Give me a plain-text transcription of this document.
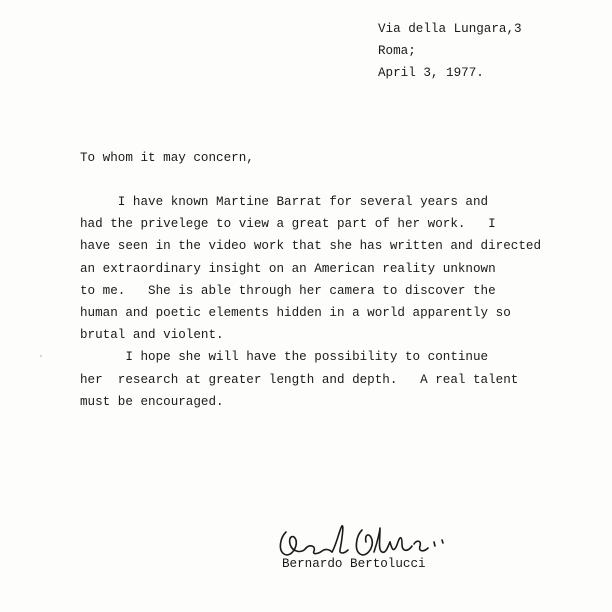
Via della Lungara,3
Roma;
April 3, 1977.
To whom it may concern,
I have known Martine Barrat for several years and
had the privelege to view a great part of her work.   I
have seen in the video work that she has written and directed
an extraordinary insight on an American reality unknown
to me.   She is able through her camera to discover the
human and poetic elements hidden in a world apparently so
brutal and violent.
I hope she will have the possibility to continue
her  research at greater length and depth.   A real talent
must be encouraged.
Bernardo Bertolucci
